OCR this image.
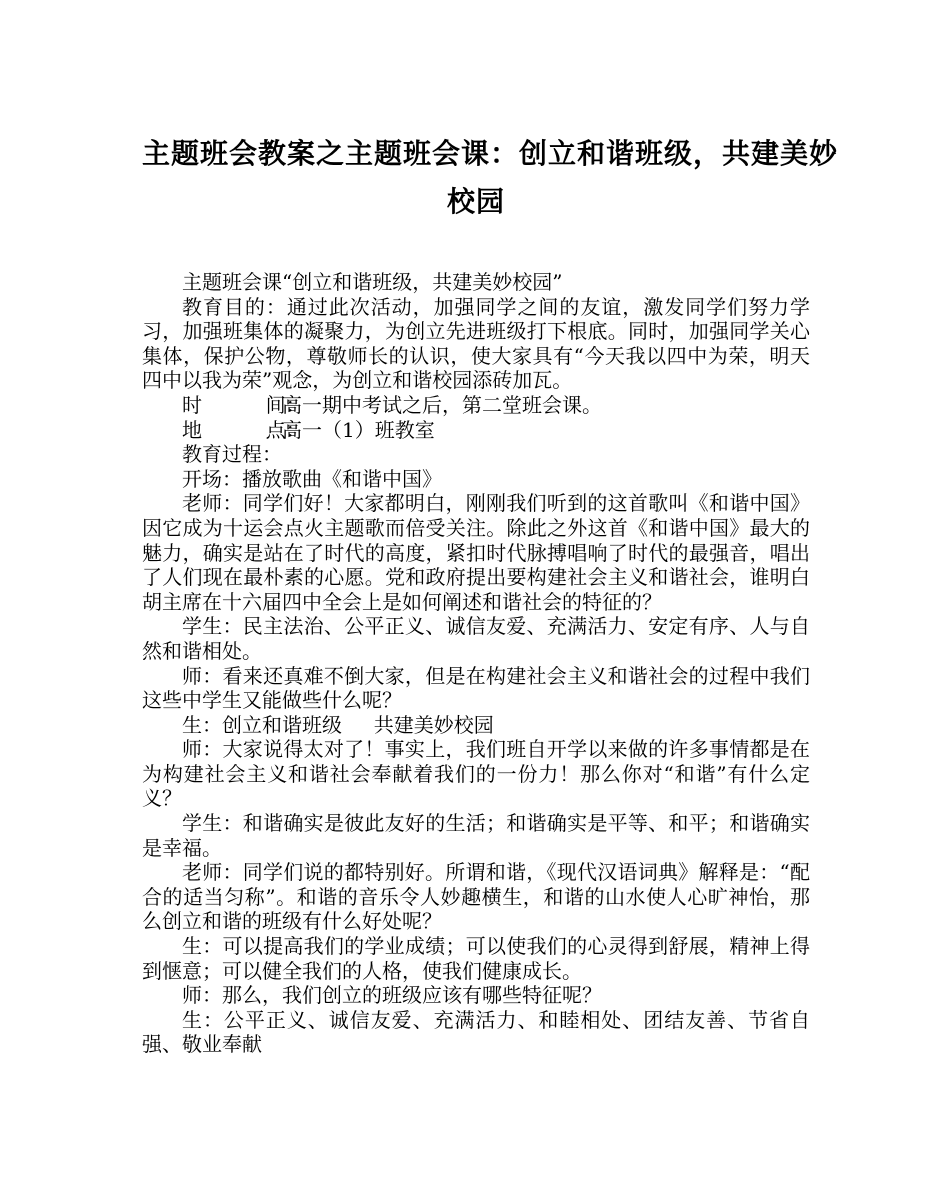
主题班会教案之主题班会课：创立和谐班级，共建美妙
校园

主题班会课“创立和谐班级，共建美妙校园”

教育目的：通过此次活动，加强同学之间的友谊，激发同学们努力学习，加强班集体的凝聚力，为创立先进班级打下根底。同时，加强同学关心集体，保护公物，尊敬师长的认识，使大家具有“今天我以四中为荣，明天四中以我为荣”观念，为创立和谐校园添砖加瓦。

时          间：高一期中考试之后，第二堂班会课。

地          点：高一（1）班教室

教育过程：

开场：播放歌曲《和谐中国》

老师：同学们好！大家都明白，刚刚我们听到的这首歌叫《和谐中国》因它成为十运会点火主题歌而倍受关注。除此之外这首《和谐中国》最大的魅力，确实是站在了时代的高度，紧扣时代脉搏唱响了时代的最强音，唱出了人们现在最朴素的心愿。党和政府提出要构建社会主义和谐社会，谁明白胡主席在十六届四中全会上是如何阐述和谐社会的特征的？

学生：民主法治、公平正义、诚信友爱、充满活力、安定有序、人与自然和谐相处。

师：看来还真难不倒大家，但是在构建社会主义和谐社会的过程中我们这些中学生又能做些什么呢？

生：创立和谐班级     共建美妙校园

师：大家说得太对了！事实上，我们班自开学以来做的许多事情都是在为构建社会主义和谐社会奉献着我们的一份力！那么你对“和谐”有什么定义？

学生：和谐确实是彼此友好的生活；和谐确实是平等、和平；和谐确实是幸福。

老师：同学们说的都特别好。所谓和谐，《现代汉语词典》解释是：“配合的适当匀称”。和谐的音乐令人妙趣横生，和谐的山水使人心旷神怡，那么创立和谐的班级有什么好处呢？

生：可以提高我们的学业成绩；可以使我们的心灵得到舒展，精神上得到惬意；可以健全我们的人格，使我们健康成长。

师：那么，我们创立的班级应该有哪些特征呢？

生：公平正义、诚信友爱、充满活力、和睦相处、团结友善、节省自强、敬业奉献
